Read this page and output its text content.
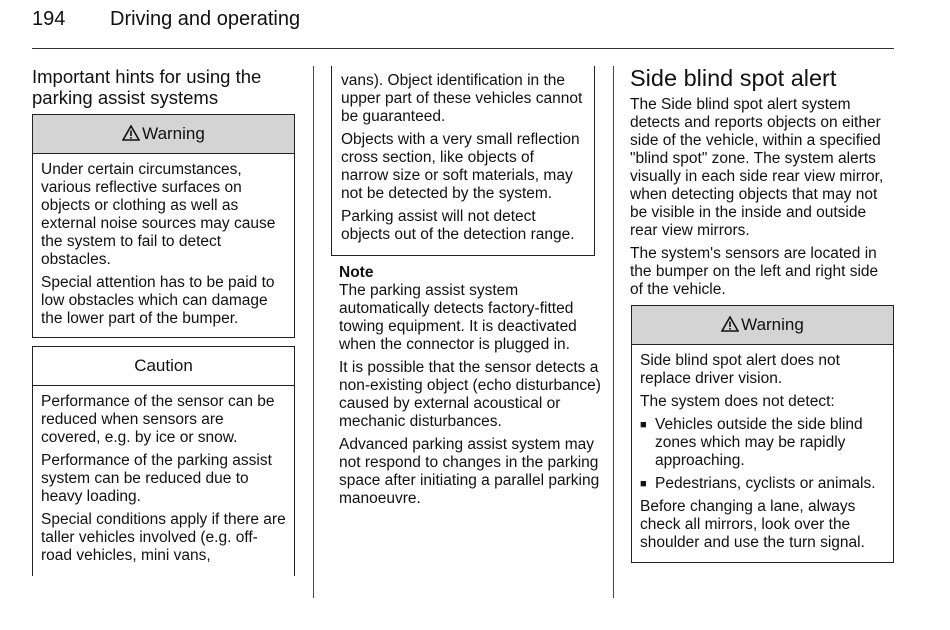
194 Driving and operating
Important hints for using the parking assist systems
Warning

Under certain circumstances, various reflective surfaces on objects or clothing as well as external noise sources may cause the system to fail to detect obstacles.

Special attention has to be paid to low obstacles which can damage the lower part of the bumper.

Caution

Performance of the sensor can be reduced when sensors are covered, e.g. by ice or snow.

Performance of the parking assist system can be reduced due to heavy loading.

Special conditions apply if there are taller vehicles involved (e.g. off-road vehicles, mini vans,

vans). Object identification in the upper part of these vehicles cannot be guaranteed.

Objects with a very small reflection cross section, like objects of narrow size or soft materials, may not be detected by the system.

Parking assist will not detect objects out of the detection range.

Note

The parking assist system automatically detects factory-fitted towing equipment. It is deactivated when the connector is plugged in.

It is possible that the sensor detects a non-existing object (echo disturbance) caused by external acoustical or mechanic disturbances.

Advanced parking assist system may not respond to changes in the parking space after initiating a parallel parking manoeuvre.

Side blind spot alert

The Side blind spot alert system detects and reports objects on either side of the vehicle, within a specified "blind spot" zone. The system alerts visually in each side rear view mirror, when detecting objects that may not be visible in the inside and outside rear view mirrors.

The system's sensors are located in the bumper on the left and right side of the vehicle.

Warning

Side blind spot alert does not replace driver vision.

The system does not detect:

■ Vehicles outside the side blind zones which may be rapidly approaching.
■ Pedestrians, cyclists or animals.

Before changing a lane, always check all mirrors, look over the shoulder and use the turn signal.
